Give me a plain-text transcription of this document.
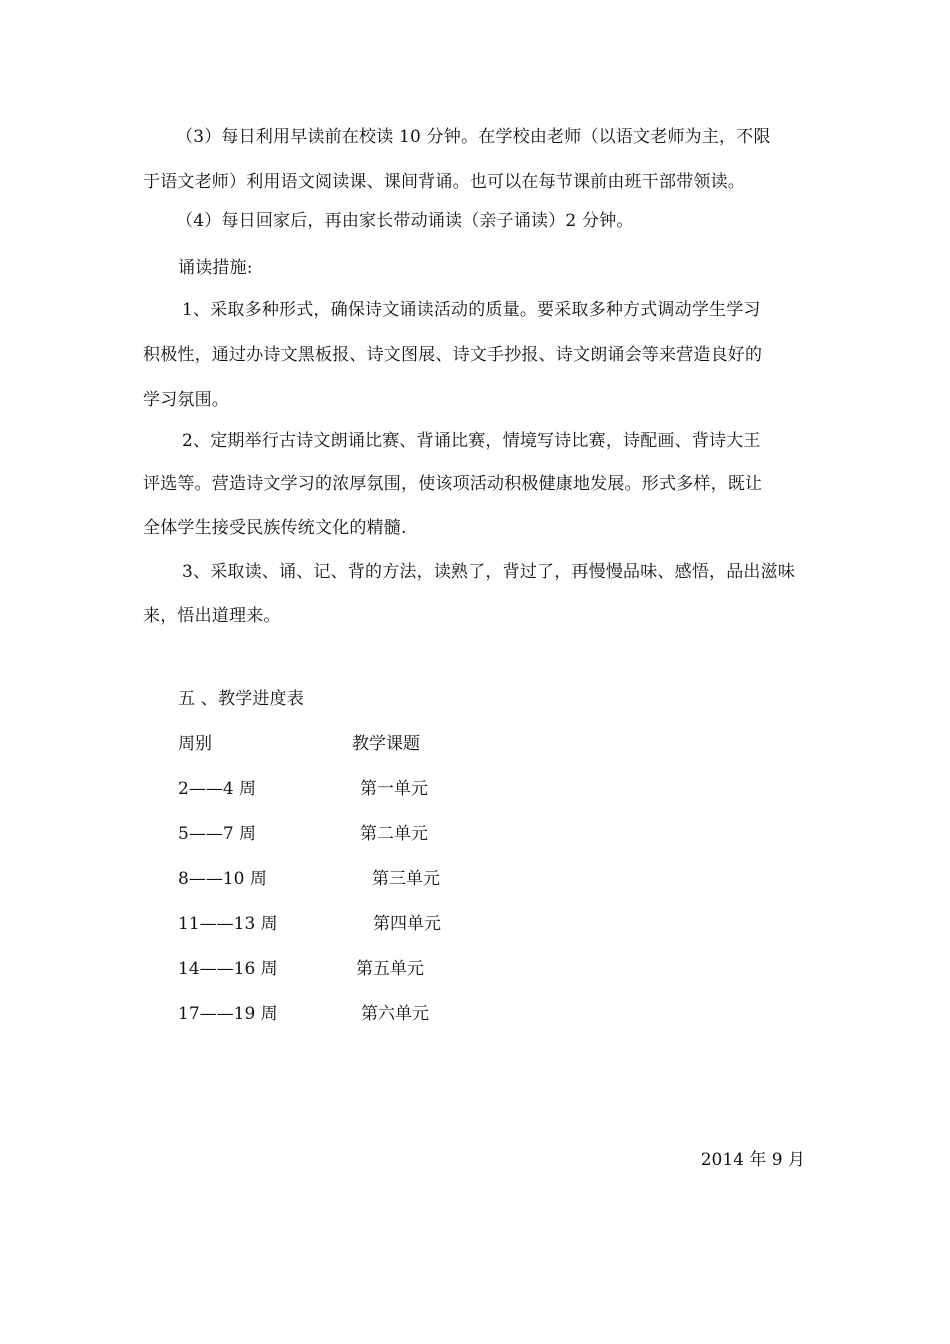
（3）每日利用早读前在校读 10 分钟。在学校由老师（以语文老师为主，不限
于语文老师）利用语文阅读课、课间背诵。也可以在每节课前由班干部带领读。
（4）每日回家后，再由家长带动诵读（亲子诵读）2 分钟。
诵读措施:
1、采取多种形式，确保诗文诵读活动的质量。要采取多种方式调动学生学习
积极性，通过办诗文黑板报、诗文图展、诗文手抄报、诗文朗诵会等来营造良好的
学习氛围。
2、定期举行古诗文朗诵比赛、背诵比赛，情境写诗比赛，诗配画、背诗大王
评选等。营造诗文学习的浓厚氛围，使该项活动积极健康地发展。形式多样，既让
全体学生接受民族传统文化的精髓.
3、采取读、诵、记、背的方法，读熟了，背过了，再慢慢品味、感悟，品出滋味
来，悟出道理来。
五 、教学进度表
周别	教学课题
2——4 周	第一单元
5——7 周	第二单元
8——10 周	第三单元
11——13 周	第四单元
14——16 周	第五单元
17——19 周	第六单元
2014 年 9 月
